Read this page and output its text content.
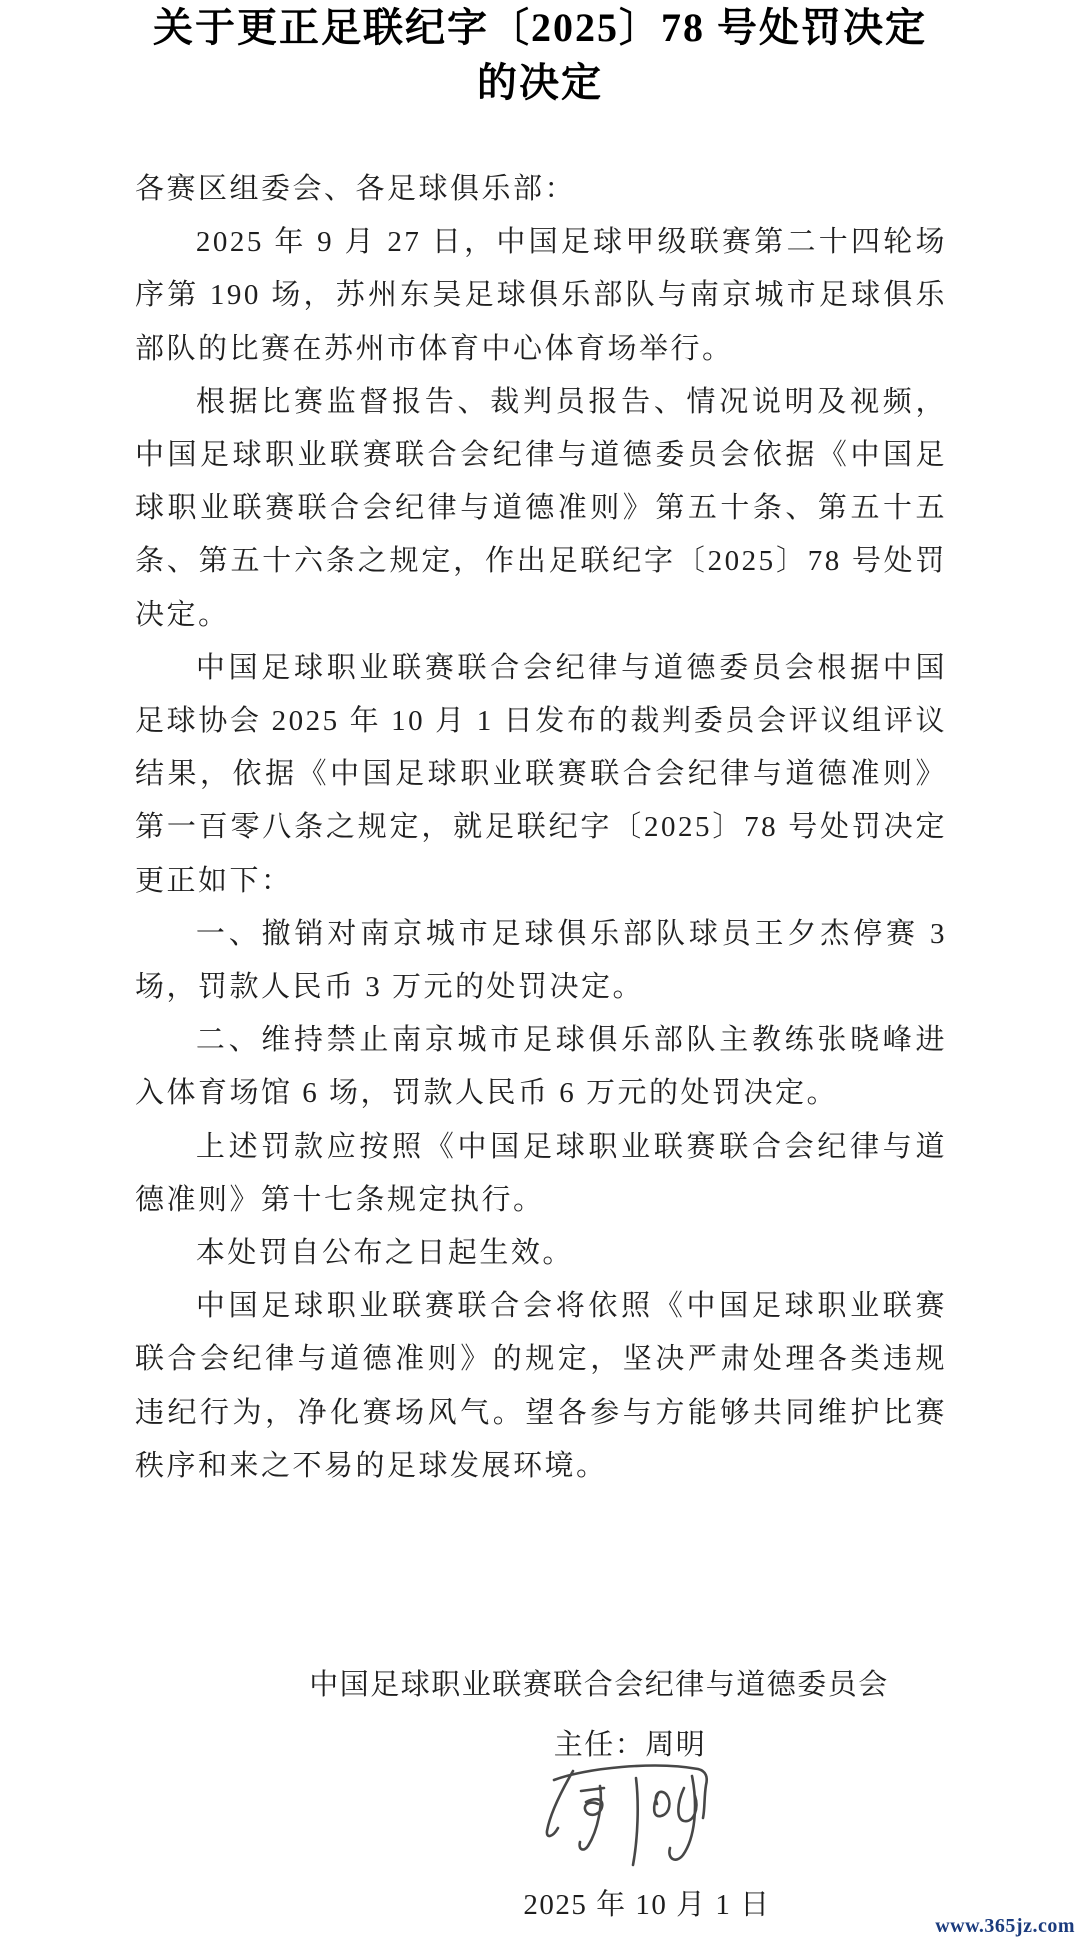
关于更正足联纪字〔2025〕78 号处罚决定
的决定

各赛区组委会、各足球俱乐部：

2025 年 9 月 27 日，中国足球甲级联赛第二十四轮场序第 190 场，苏州东吴足球俱乐部队与南京城市足球俱乐部队的比赛在苏州市体育中心体育场举行。

根据比赛监督报告、裁判员报告、情况说明及视频，中国足球职业联赛联合会纪律与道德委员会依据《中国足球职业联赛联合会纪律与道德准则》第五十条、第五十五条、第五十六条之规定，作出足联纪字〔2025〕78 号处罚决定。

中国足球职业联赛联合会纪律与道德委员会根据中国足球协会 2025 年 10 月 1 日发布的裁判委员会评议组评议结果，依据《中国足球职业联赛联合会纪律与道德准则》第一百零八条之规定，就足联纪字〔2025〕78 号处罚决定更正如下：

一、撤销对南京城市足球俱乐部队球员王夕杰停赛 3 场，罚款人民币 3 万元的处罚决定。

二、维持禁止南京城市足球俱乐部队主教练张晓峰进入体育场馆 6 场，罚款人民币 6 万元的处罚决定。

上述罚款应按照《中国足球职业联赛联合会纪律与道德准则》第十七条规定执行。

本处罚自公布之日起生效。

中国足球职业联赛联合会将依照《中国足球职业联赛联合会纪律与道德准则》的规定，坚决严肃处理各类违规违纪行为，净化赛场风气。望各参与方能够共同维护比赛秩序和来之不易的足球发展环境。

中国足球职业联赛联合会纪律与道德委员会
主任：周明
2025 年 10 月 1 日
www.365jz.com
